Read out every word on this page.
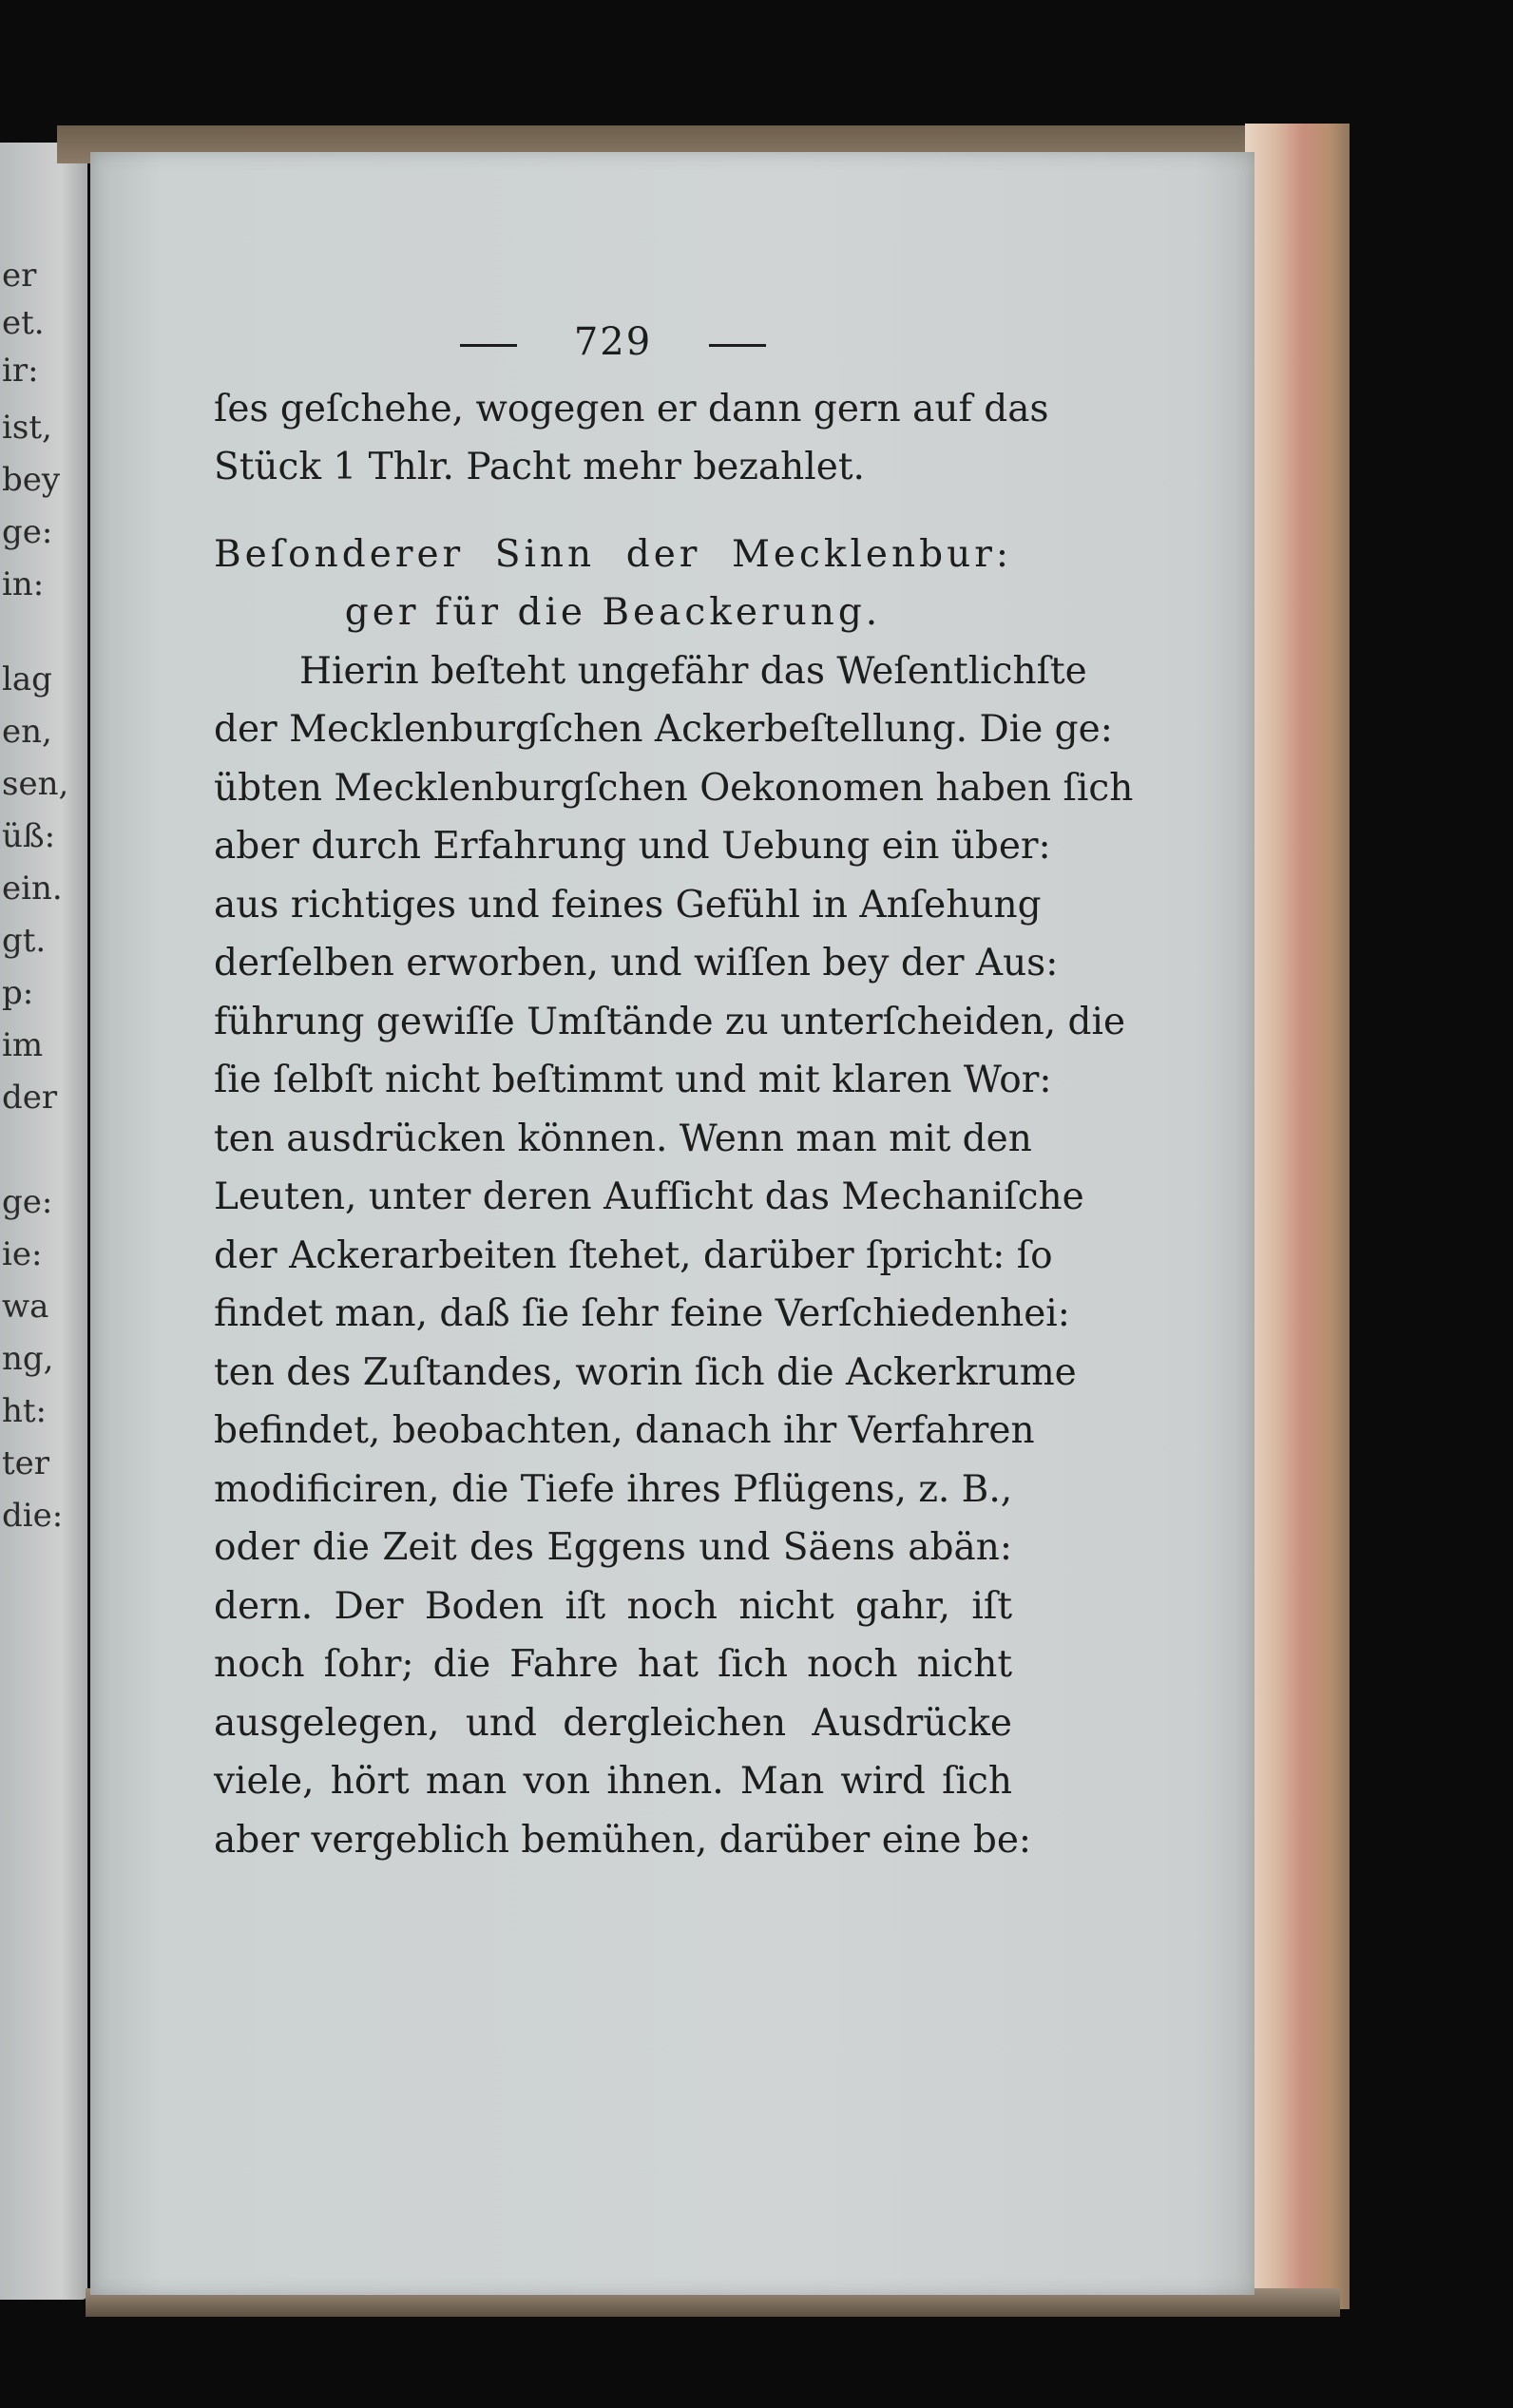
er
et.
ir:
ist,
bey
ge:
in:
lag
en,
sen,
üß:
ein.
gt.
p:
im
der
ge:
ie:
wa
ng,
ht:
ter
die:
729
ſes geſchehe, wogegen er dann gern auf das
Stück 1 Thlr. Pacht mehr bezahlet.
Beſonderer Sinn der Mecklenbur:
ger für die Beackerung.
Hierin beſteht ungefähr das Weſentlichſte
der Mecklenburgſchen Ackerbeſtellung. Die ge:
übten Mecklenburgſchen Oekonomen haben ſich
aber durch Erfahrung und Uebung ein über:
aus richtiges und feines Gefühl in Anſehung
derſelben erworben, und wiſſen bey der Aus:
führung gewiſſe Umſtände zu unterſcheiden, die
ſie ſelbſt nicht beſtimmt und mit klaren Wor:
ten ausdrücken können. Wenn man mit den
Leuten, unter deren Aufſicht das Mechaniſche
der Ackerarbeiten ſtehet, darüber ſpricht: ſo
findet man, daß ſie ſehr feine Verſchiedenhei:
ten des Zuſtandes, worin ſich die Ackerkrume
befindet, beobachten, danach ihr Verfahren
modificiren, die Tiefe ihres Pflügens, z. B.,
oder die Zeit des Eggens und Säens abän:
dern. Der Boden iſt noch nicht gahr, iſt
noch ſohr; die Fahre hat ſich noch nicht
ausgelegen, und dergleichen Ausdrücke
viele, hört man von ihnen. Man wird ſich
aber vergeblich bemühen, darüber eine be:
